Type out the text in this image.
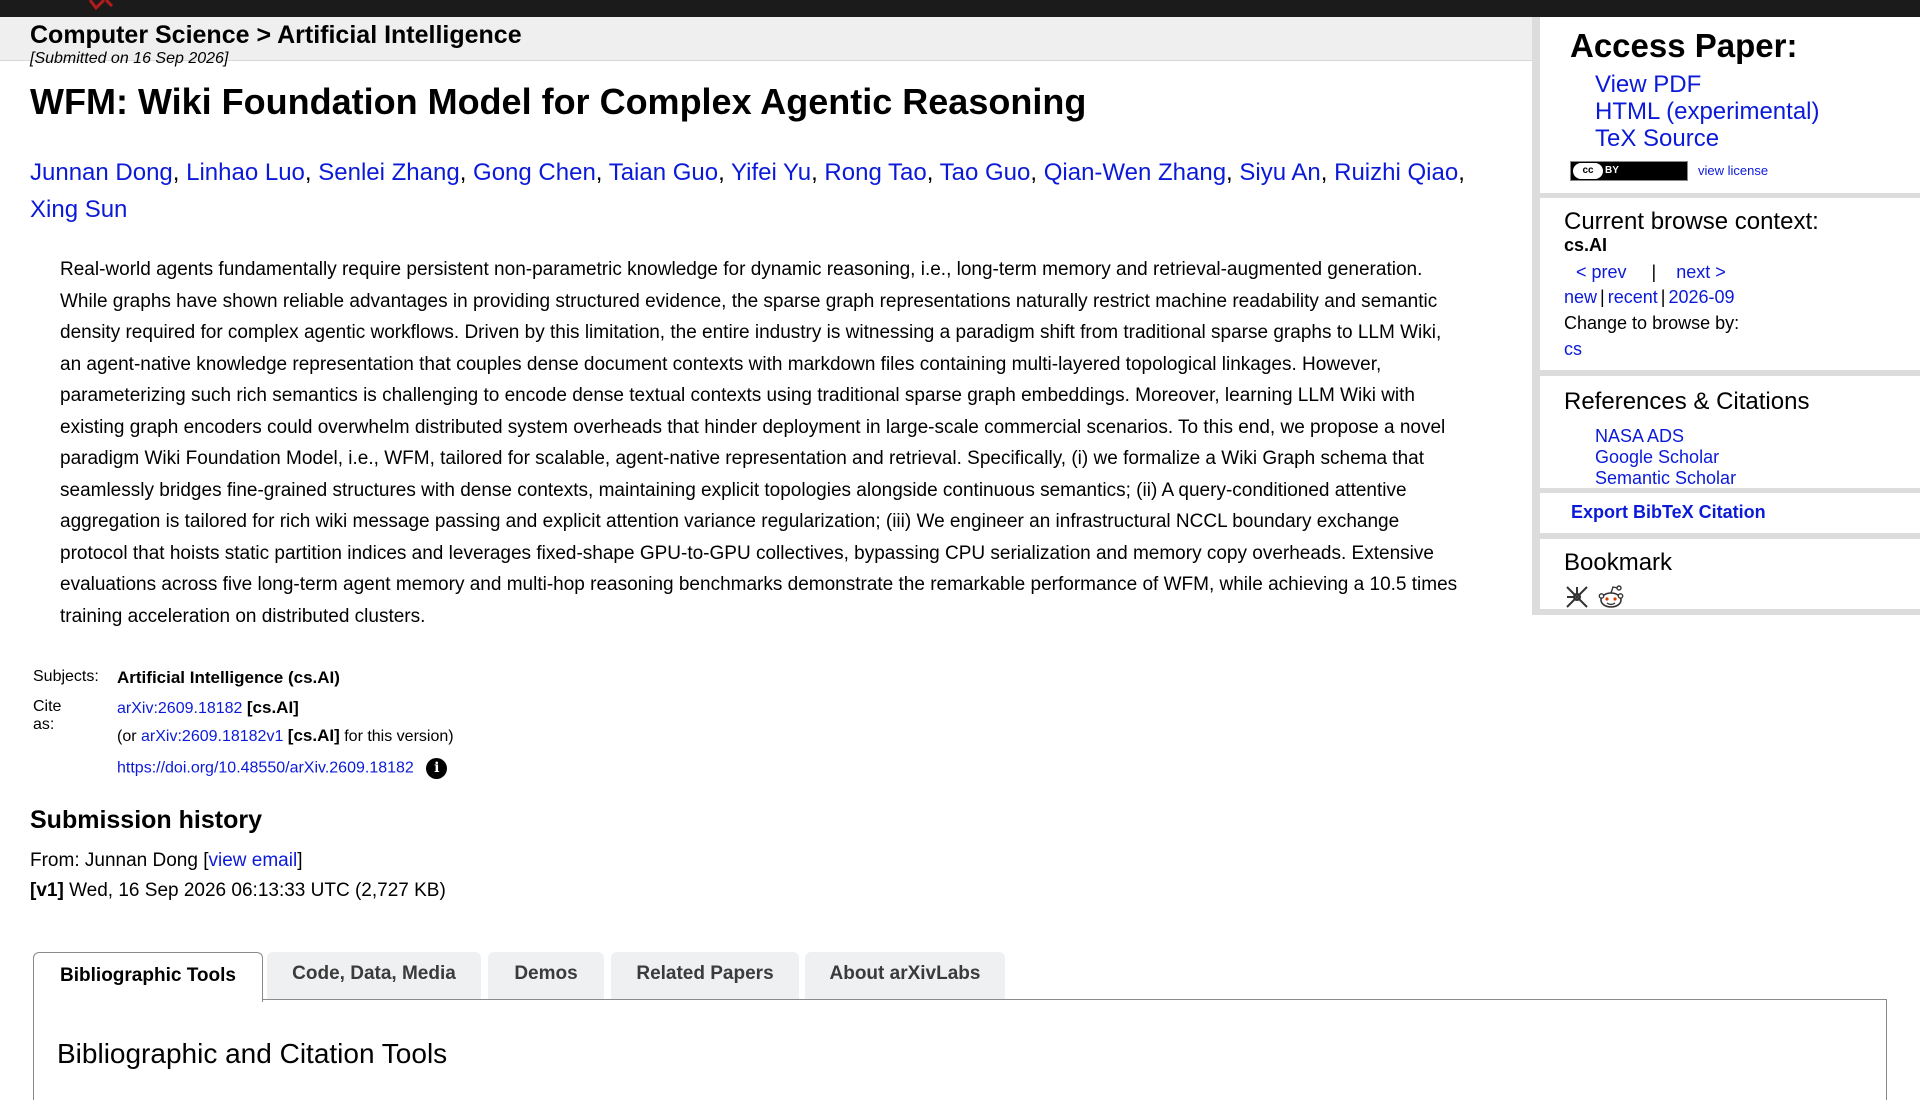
Computer Science > Artificial Intelligence
[Submitted on 16 Sep 2026]
WFM: Wiki Foundation Model for Complex Agentic Reasoning
Junnan Dong, Linhao Luo, Senlei Zhang, Gong Chen, Taian Guo, Yifei Yu, Rong Tao, Tao Guo, Qian-Wen Zhang, Siyu An, Ruizhi Qiao, Xing Sun

Real-world agents fundamentally require persistent non-parametric knowledge for dynamic reasoning, i.e., long-term memory and retrieval-augmented generation. While graphs have shown reliable advantages in providing structured evidence, the sparse graph representations naturally restrict machine readability and semantic density required for complex agentic workflows. Driven by this limitation, the entire industry is witnessing a paradigm shift from traditional sparse graphs to LLM Wiki, an agent-native knowledge representation that couples dense document contexts with markdown files containing multi-layered topological linkages. However, parameterizing such rich semantics is challenging to encode dense textual contexts using traditional sparse graph embeddings. Moreover, learning LLM Wiki with existing graph encoders could overwhelm distributed system overheads that hinder deployment in large-scale commercial scenarios. To this end, we propose a novel paradigm Wiki Foundation Model, i.e., WFM, tailored for scalable, agent-native representation and retrieval. Specifically, (i) we formalize a Wiki Graph schema that seamlessly bridges fine-grained structures with dense contexts, maintaining explicit topologies alongside continuous semantics; (ii) A query-conditioned attentive aggregation is tailored for rich wiki message passing and explicit attention variance regularization; (iii) We engineer an infrastructural NCCL boundary exchange protocol that hoists static partition indices and leverages fixed-shape GPU-to-GPU collectives, bypassing CPU serialization and memory copy overheads. Extensive evaluations across five long-term agent memory and multi-hop reasoning benchmarks demonstrate the remarkable performance of WFM, while achieving a 10.5 times training acceleration on distributed clusters.

Subjects: Artificial Intelligence (cs.AI)
Cite as:
arXiv:2609.18182 [cs.AI]
(or arXiv:2609.18182v1 [cs.AI] for this version)
https://doi.org/10.48550/arXiv.2609.18182 i
Submission history
From: Junnan Dong [view email]
[v1] Wed, 16 Sep 2026 06:13:33 UTC (2,727 KB)
Bibliographic Tools	Code, Data, Media	Demos	Related Papers	About arXivLabs
Bibliographic and Citation Tools
Access Paper:
View PDF
HTML (experimental)
TeX Source
cc	BY	view license
Current browse context:
cs.AI
< prev | next >
new | recent | 2026-09
Change to browse by:
cs
References & Citations
NASA ADS
Google Scholar
Semantic Scholar
Export BibTeX Citation
Bookmark
